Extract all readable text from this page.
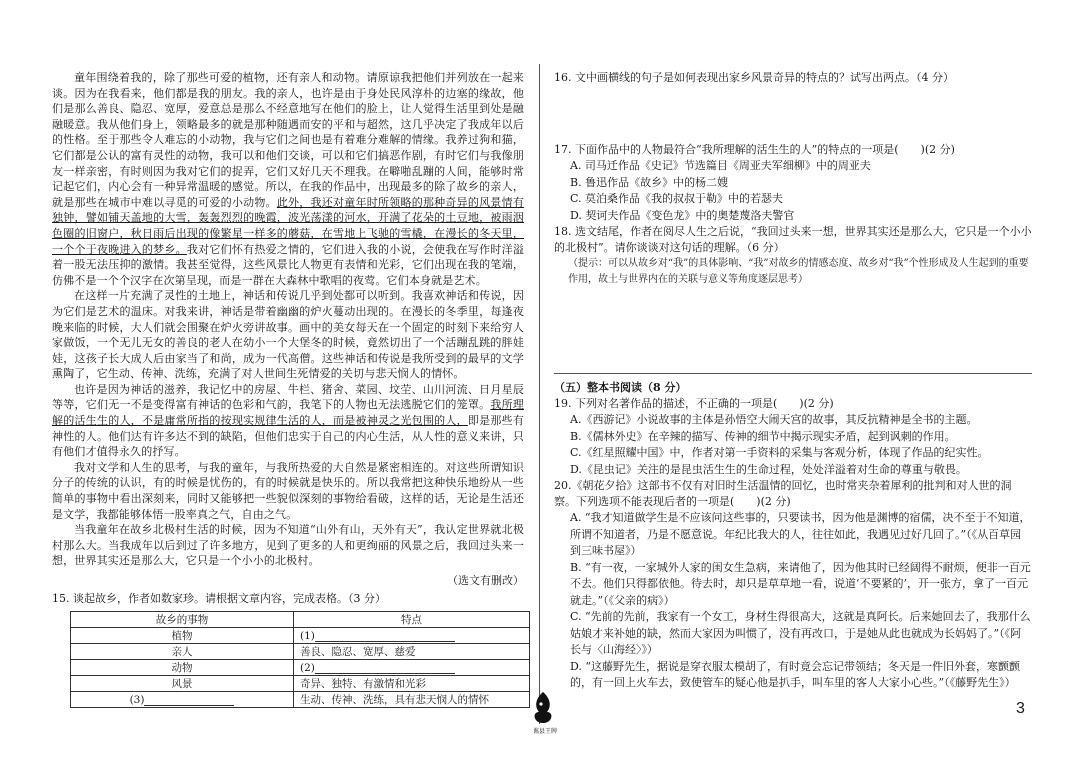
童年围绕着我的，除了那些可爱的植物，还有亲人和动物。请原谅我把他们并列放在一起来谈。因为在我看来，他们都是我的朋友。我的亲人，也许是由于身处民风淳朴的边塞的缘故，他们是那么善良、隐忍、宽厚，爱意总是那么不经意地写在他们的脸上，让人觉得生活里到处是融融暖意。我从他们身上，领略最多的就是那种随遇而安的平和与超然，这几乎决定了我成年以后的性格。至于那些令人难忘的小动物，我与它们之间也是有着难分难解的情缘。我养过狗和猫，它们都是公认的富有灵性的动物，我可以和他们交谈，可以和它们搞恶作剧，有时它们与我像朋友一样亲密，有时则因为我对它们的捉弄，它们又好几天不理我。在噼啪乱蹦的人间，能够时常记起它们，内心会有一种异常温暖的感觉。所以，在我的作品中，出现最多的除了故乡的亲人，就是那些在城市中难以寻觅的可爱的小动物。此外，我还对童年时所领略的那种奇异的风景情有独钟，譬如铺天盖地的大雪，轰轰烈烈的晚霞，波光荡漾的河水，开满了花朵的土豆地，被雨洇色圈的旧窗户，秋日雨后出现的像繁星一样多的蘑菇，在雪地上飞驰的雪橇，在漫长的冬天里，一个个于夜晚进入的梦乡。我对它们怀有热爱之情的，它们进入我的小说，会使我在写作时洋溢着一股无法压抑的激情。我甚至觉得，这些风景比人物更有表情和光彩，它们出现在我的笔端，仿佛不是一个个汉字在次第呈现，而是一群在大森林中歌唱的夜莺。它们本身就是艺术。

在这样一片充满了灵性的土地上，神话和传说几乎到处都可以听到。我喜欢神话和传说，因为它们是艺术的温床。对我来讲，神话是带着幽幽的炉火蔓动出现的。在漫长的冬季里，每逢夜晚来临的时候，大人们就会围聚在炉火旁讲故事。画中的美女每天在一个固定的时刻下来给穷人家做饭，一个无儿无女的善良的老人在幼小一个大堡冬的时候，竟然切出了一个活蹦乱跳的胖娃娃，这孩子长大成人后由家当了和尚，成为一代高僧。这些神话和传说是我所受到的最早的文学熏陶了，它生动、传神、洗练，充满了对人世间生死情爱的关切与悲天悯人的情怀。

也许是因为神话的滋养，我记忆中的房屋、牛栏、猪舍、菜园、坟茔、山川河流、日月星辰等等，它们无一不是变得富有神话的色彩和气韵，我笔下的人物也无法逃脱它们的笼罩。我所理解的活生生的人，不是庸常所指的按现实规律生活的人，而是被神灵之光包围的人，即是那些有神性的人。他们达有许多达不到的缺陷，但他们忠实于自己的内心生活，从人性的意义来讲，只有他们才值得永久的抒写。

我对文学和人生的思考，与我的童年，与我所热爱的大自然是紧密相连的。对这些所谓知识分子的传统的认识，有的时候是忧伤的，有的时候就是快乐的。所以我常把这种快乐地纷从一些简单的事物中看出深刻来，同时又能够把一些貌似深刻的事物给看破，这样的话，无论是生活还是文学，我都能够体悟一股率真之气，自由之气。

当我童年在故乡北极村生活的时候，因为不知道“山外有山，天外有天”，我认定世界就北极村那么大。当我成年以后到过了许多地方，见到了更多的人和更绚丽的风景之后，我回过头来一想，世界其实还是那么大，它只是一个小小的北极村。

（选文有删改）

15. 谈起故乡，作者如数家珍。请根据文章内容，完成表格。（3 分）

故乡的事物	特点
植物	(1)
亲人	善良、隐忍、宽厚、慈爱
动物	(2)
风景	奇异、独特、有激情和光彩
(3)	生动、传神、洗练，具有悲天悯人的情怀

16. 文中画横线的句子是如何表现出家乡风景奇异的特点的？试写出两点。（4 分）

17. 下面作品中的人物最符合“我所理解的活生生的人”的特点的一项是(　　)(2 分)

A. 司马迁作品《史记》节选篇目《周亚夫军细柳》中的周亚夫

B. 鲁迅作品《故乡》中的杨二嫂

C. 莫泊桑作品《我的叔叔于勒》中的若瑟夫

D. 契诃夫作品《变色龙》中的奥楚蔑洛夫警官

18. 选文结尾，作者在阅尽人生之后说，“我回过头来一想，世界其实还是那么大，它只是一个小小的北极村”。请你谈谈对这句话的理解。（6 分）

（提示：可以从故乡对“我”的具体影响、“我”对故乡的情感态度、故乡对“我”个性形成及人生起到的重要作用，故土与世界内在的关联与意义等角度逐层思考）

（五）整本书阅读（8 分）

19. 下列对名著作品的描述，不正确的一项是(　　)(2 分)

A.《西游记》小说故事的主体是孙悟空大闹天宫的故事，其反抗精神是全书的主题。

B.《儒林外史》在辛辣的描写、传神的细节中揭示现实矛盾，起到讽刺的作用。

C.《红星照耀中国》中，作者对第一手资料的采集与客观分析，体现了作品的纪实性。

D.《昆虫记》关注的是昆虫活生生的生命过程，处处洋溢着对生命的尊重与敬畏。

20.《朝花夕拾》这部书不仅有对旧时生活温情的回忆，也时常夹杂着犀利的批判和对人世的洞察。下列选项不能表现后者的一项是(　　)(2 分)

A. “我才知道做学生是不应该问这些事的，只要读书，因为他是渊博的宿儒，决不至于不知道，所谓不知道者，乃是不愿意说。年纪比我大的人，往往如此，我遇见过好几回了。”（《从百草园到三味书屋》）

B. “有一夜，一家城外人家的闺女生急病，来请他了，因为他其时已经阔得不耐烦，便非一百元不去。他们只得都依他。待去时，却只是草草地一看，说道‘不要紧的’，开一张方，拿了一百元就走。”（《父亲的病》）

C. “先前的先前，我家有一个女工，身材生得很高大，这就是真阿长。后来她回去了，我那什么姑娘才来补她的缺，然而大家因为叫惯了，没有再改口，于是她从此也就成为长妈妈了。”（《阿长与〈山海经〉》）

D. “这藤野先生，据说是穿衣服太模胡了，有时竟会忘记带领结；冬天是一件旧外套，寒颤颤的，有一回上火车去，致使管车的疑心他是扒手，叫车里的客人大家小心些。”（《藤野先生》）

谯县王牌
3
